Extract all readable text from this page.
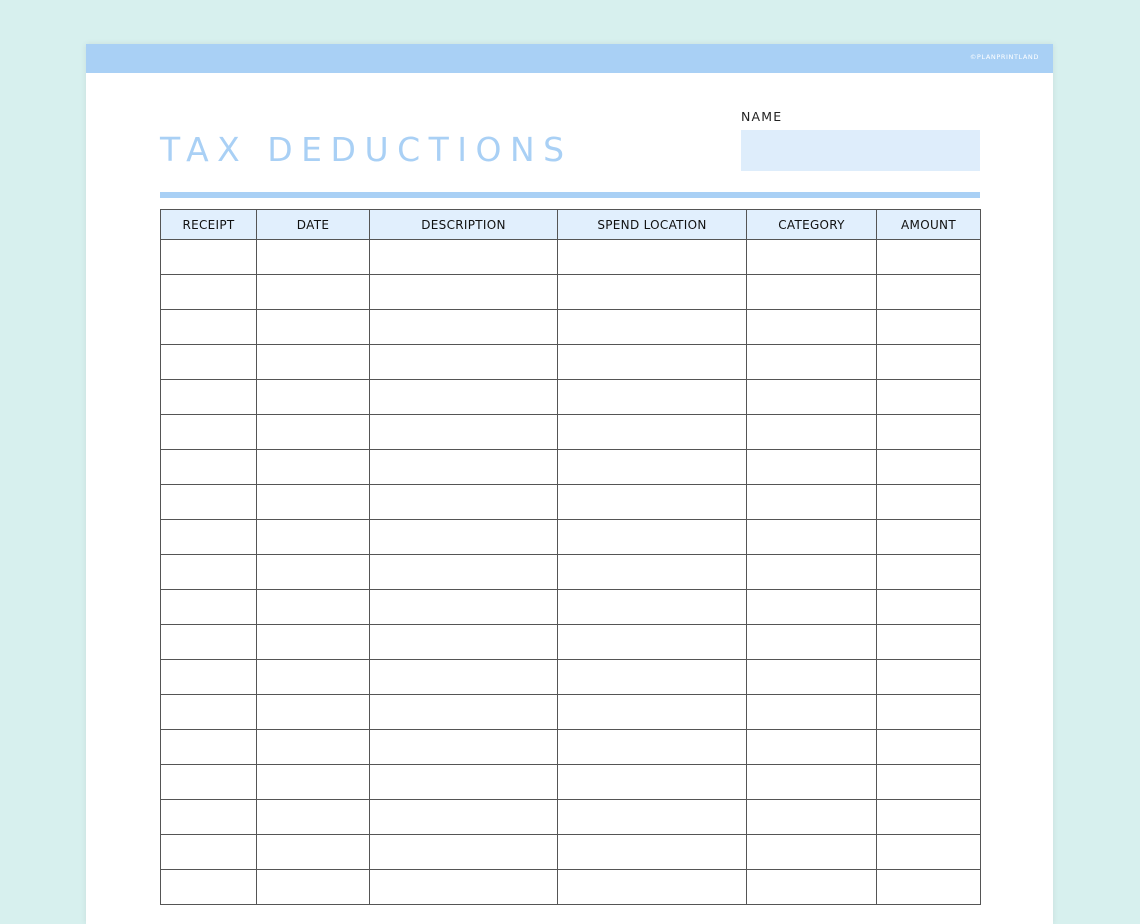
©PLANPRINTLAND
TAX DEDUCTIONS
NAME
RECEIPT	DATE	DESCRIPTION	SPEND LOCATION	CATEGORY	AMOUNT
